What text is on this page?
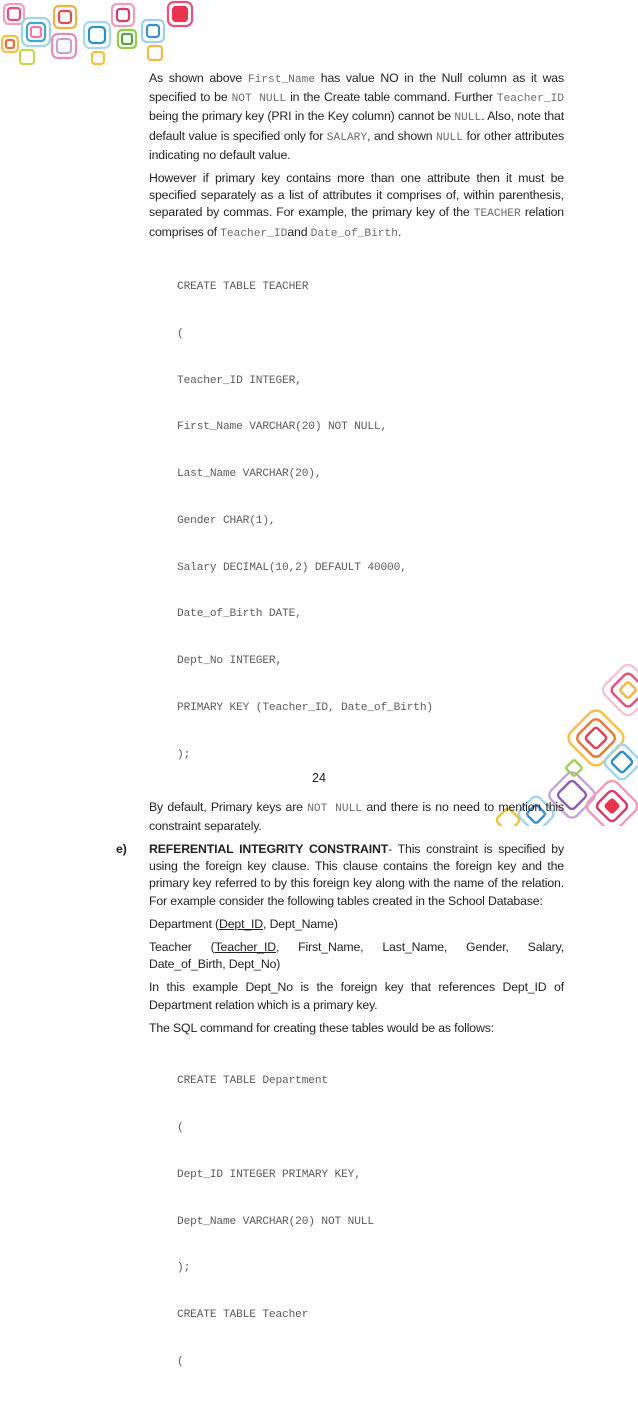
As shown above First_Name has value NO in the Null column as it was specified to be NOT NULL in the Create table command. Further Teacher_ID being the primary key (PRI in the Key column) cannot be NULL. Also, note that default value is specified only for SALARY, and shown NULL for other attributes indicating no default value.

However if primary key contains more than one attribute then it must be specified separately as a list of attributes it comprises of, within parenthesis, separated by commas. For example, the primary key of the TEACHER relation comprises of Teacher_IDand Date_of_Birth.

CREATE TABLE TEACHER

(

Teacher_ID INTEGER,

First_Name VARCHAR(20) NOT NULL,

Last_Name VARCHAR(20),

Gender CHAR(1),

Salary DECIMAL(10,2) DEFAULT 40000,

Date_of_Birth DATE,

Dept_No INTEGER,

PRIMARY KEY (Teacher_ID, Date_of_Birth)

);

By default, Primary keys are NOT NULL and there is no need to mention this constraint separately.

e) REFERENTIAL INTEGRITY CONSTRAINT- This constraint is specified by using the foreign key clause. This clause contains the foreign key and the primary key referred to by this foreign key along with the name of the relation. For example consider the following tables created in the School Database:

Department (Dept_ID, Dept_Name)

Teacher (Teacher_ID, First_Name, Last_Name, Gender, Salary, Date_of_Birth, Dept_No)

In this example Dept_No is the foreign key that references Dept_ID of Department relation which is a primary key.

The SQL command for creating these tables would be as follows:

CREATE TABLE Department

(

Dept_ID INTEGER PRIMARY KEY,

Dept_Name VARCHAR(20) NOT NULL

);

CREATE TABLE Teacher

(

24
